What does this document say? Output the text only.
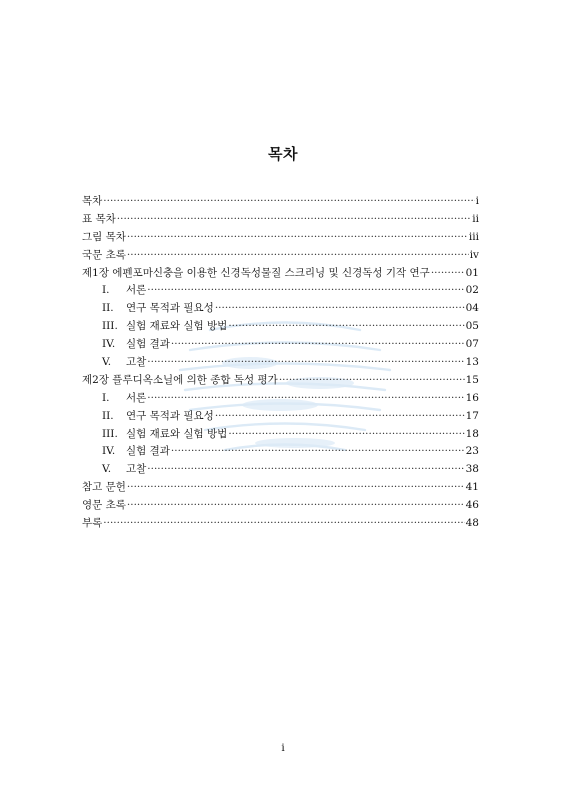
목차
목차 ·····	i
표 목차 ·····	ii
그림 목차 ·····	iii
국문 초록 ·····	iv
제1장 에펜포마신충을 이용한 신경독성물질 스크리닝 및 신경독성 기작 연구 ·····	01
I.	서론 ·····	02
II.	연구 목적과 필요성 ·····	04
III. 실험 재료와 실험 방법 ·····	05
IV.	실험 결과 ·····	07
V.	고찰 ·····	13
제2장 플루디옥소닐에 의한 종합 독성 평가 ·····	15
I.	서론 ·····	16
II.	연구 목적과 필요성 ·····	17
III. 실험 재료와 실험 방법 ·····	18
IV.	실험 결과 ·····	23
V.	고찰 ·····	38
참고 문헌 ·····	41
영문 초록 ·····	46
부록 ·····	48
i
